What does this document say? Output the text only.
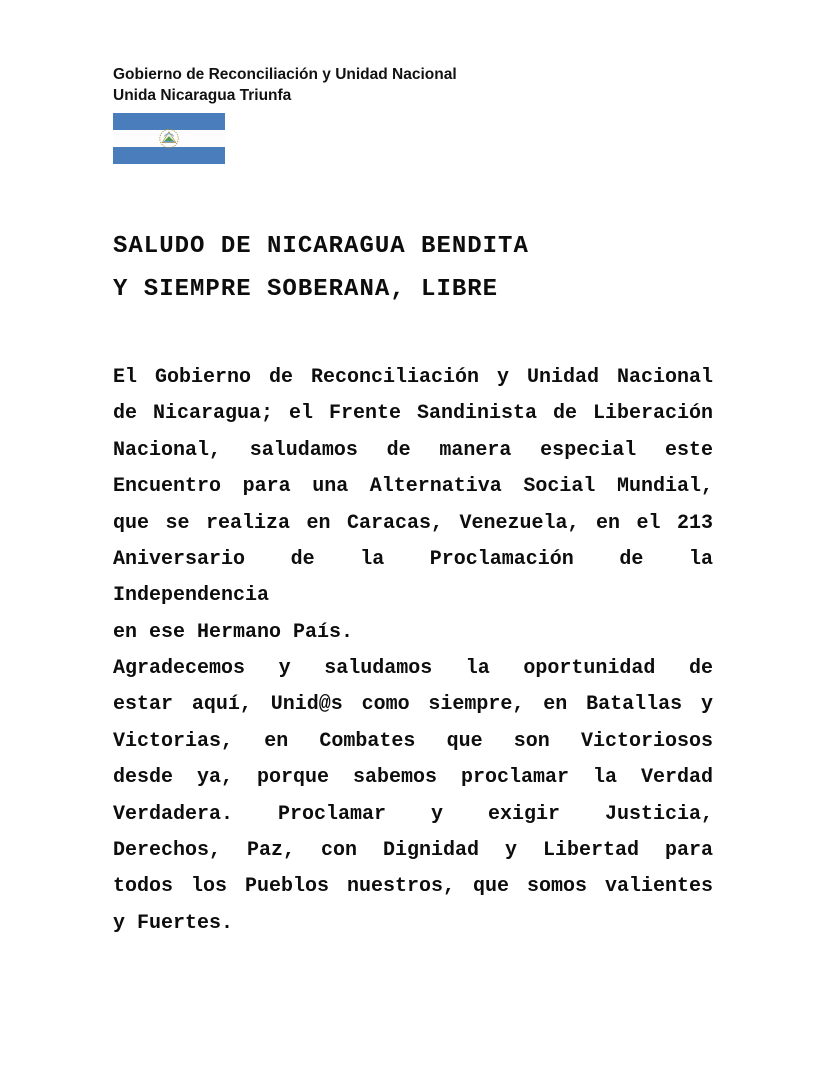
Gobierno de Reconciliación y Unidad Nacional
Unida Nicaragua Triunfa
SALUDO DE NICARAGUA BENDITA
Y SIEMPRE SOBERANA, LIBRE
El Gobierno de Reconciliación y Unidad Nacional
de Nicaragua; el Frente Sandinista de Liberación
Nacional, saludamos de manera especial este
Encuentro para una Alternativa Social Mundial,
que se realiza en Caracas, Venezuela, en el 213
Aniversario de la Proclamación de la Independencia
en ese Hermano País.
Agradecemos y saludamos la oportunidad de
estar aquí, Unid@s como siempre, en Batallas y
Victorias, en Combates que son Victoriosos
desde ya, porque sabemos proclamar la Verdad
Verdadera. Proclamar y exigir Justicia,
Derechos, Paz, con Dignidad y Libertad para
todos los Pueblos nuestros, que somos valientes
y Fuertes.
